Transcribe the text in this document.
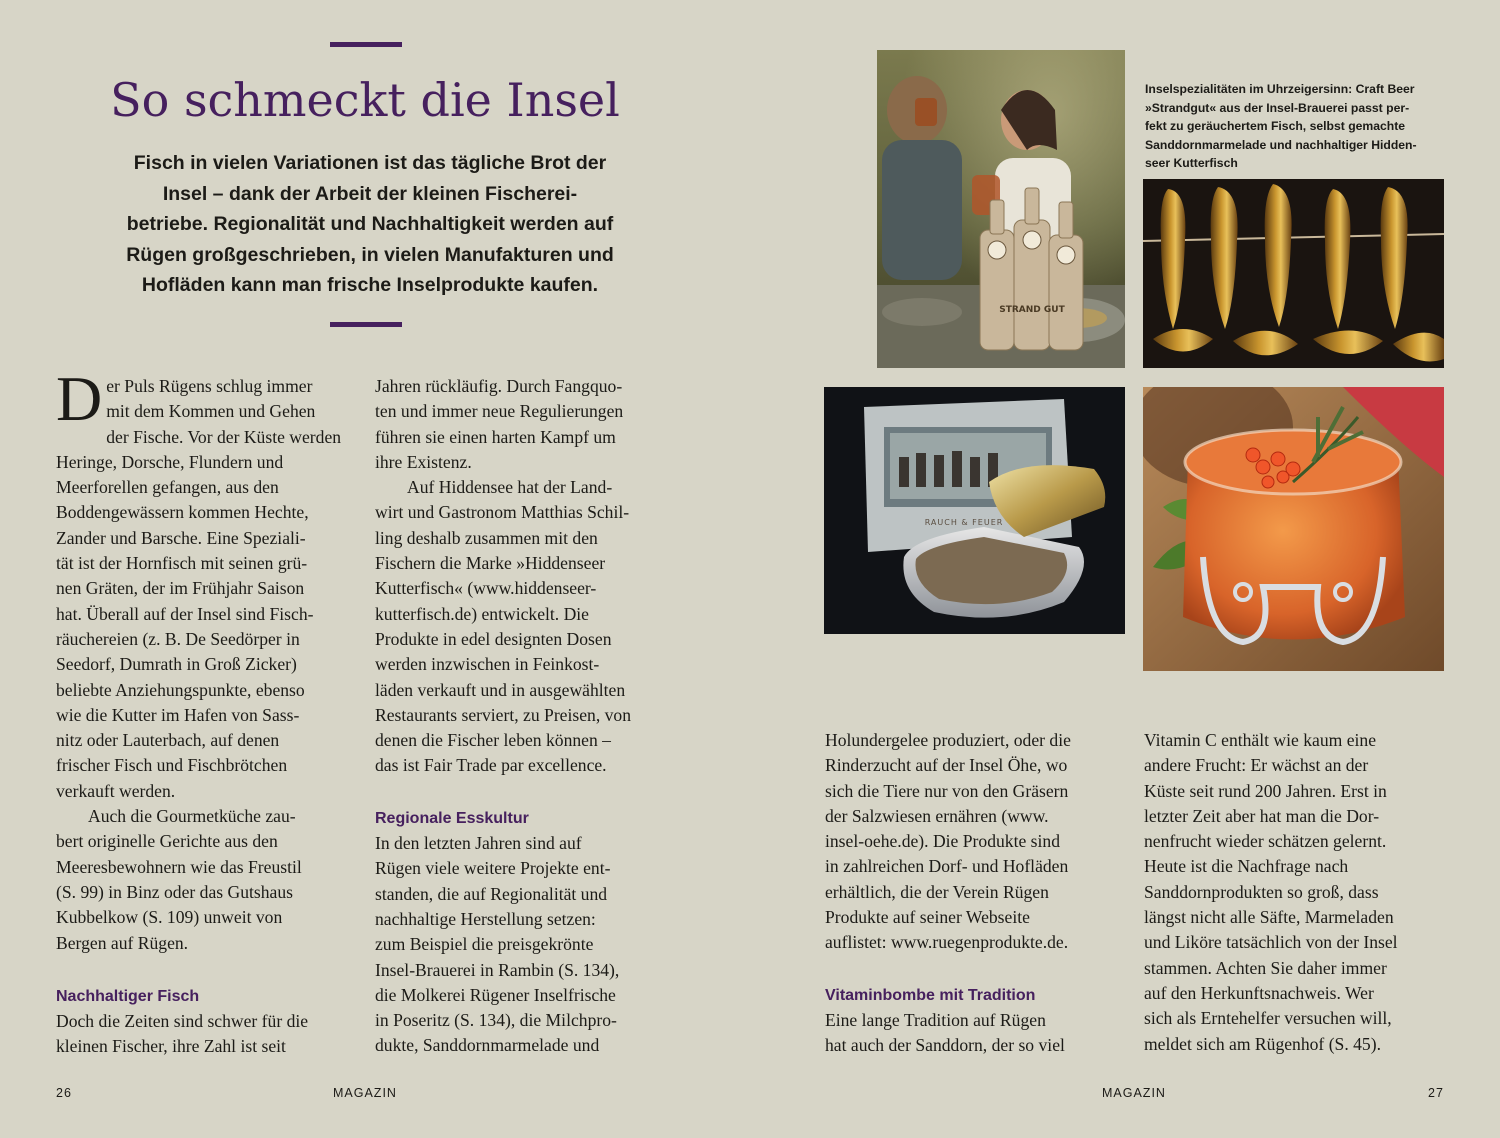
So schmeckt die Insel
Fisch in vielen Variationen ist das tägliche Brot der
Insel – dank der Arbeit der kleinen Fischerei-
betriebe. Regionalität und Nachhaltigkeit werden auf
Rügen großgeschrieben, in vielen Manufakturen und
Hofläden kann man frische Inselprodukte kaufen.
D er Puls Rügens schlug immer
mit dem Kommen und Gehen

der Fische. Vor der Küste werden

Heringe, Dorsche, Flundern und

Meerforellen gefangen, aus den

Boddengewässern kommen Hechte,

Zander und Barsche. Eine Speziali-

tät ist der Hornfisch mit seinen grü-

nen Gräten, der im Frühjahr Saison

hat. Überall auf der Insel sind Fisch-

räuchereien (z. B. De Seedörper in

Seedorf, Dumrath in Groß Zicker)

beliebte Anziehungspunkte, ebenso

wie die Kutter im Hafen von Sass-

nitz oder Lauterbach, auf denen

frischer Fisch und Fischbrötchen

verkauft werden.

Auch die Gourmetküche zau-

bert originelle Gerichte aus den

Meeresbewohnern wie das Freustil

(S. 99) in Binz oder das Gutshaus

Kubbelkow (S. 109) unweit von

Bergen auf Rügen.

Nachhaltiger Fisch

Doch die Zeiten sind schwer für die

kleinen Fischer, ihre Zahl ist seit

Jahren rückläufig. Durch Fangquo-

ten und immer neue Regulierungen

führen sie einen harten Kampf um

ihre Existenz.

Auf Hiddensee hat der Land-

wirt und Gastronom Matthias Schil-

ling deshalb zusammen mit den

Fischern die Marke »Hiddenseer

Kutterfisch« (www.hiddenseer-

kutterfisch.de) entwickelt. Die

Produkte in edel designten Dosen

werden inzwischen in Feinkost-

läden verkauft und in ausgewählten

Restaurants serviert, zu Preisen, von

denen die Fischer leben können –

das ist Fair Trade par excellence.

Regionale Esskultur

In den letzten Jahren sind auf

Rügen viele weitere Projekte ent-

standen, die auf Regionalität und

nachhaltige Herstellung setzen:

zum Beispiel die preisgekrönte

Insel-Brauerei in Rambin (S. 134),

die Molkerei Rügener Inselfrische

in Poseritz (S. 134), die Milchpro-

dukte, Sanddornmarmelade und

Holundergelee produziert, oder die

Rinderzucht auf der Insel Öhe, wo

sich die Tiere nur von den Gräsern

der Salzwiesen ernähren (www.

insel-oehe.de). Die Produkte sind

in zahlreichen Dorf- und Hofläden

erhältlich, die der Verein Rügen

Produkte auf seiner Webseite

auflistet: www.ruegenprodukte.de.

Vitaminbombe mit Tradition

Eine lange Tradition auf Rügen

hat auch der Sanddorn, der so viel

Vitamin C enthält wie kaum eine

andere Frucht: Er wächst an der

Küste seit rund 200 Jahren. Erst in

letzter Zeit aber hat man die Dor-

nenfrucht wieder schätzen gelernt.

Heute ist die Nachfrage nach

Sanddornprodukten so groß, dass

längst nicht alle Säfte, Marmeladen

und Liköre tatsächlich von der Insel

stammen. Achten Sie daher immer

auf den Herkunftsnachweis. Wer

sich als Erntehelfer versuchen will,

meldet sich am Rügenhof (S. 45).

Inselspezialitäten im Uhrzeigersinn: Craft Beer
»Strandgut« aus der Insel-Brauerei passt per-
fekt zu geräuchertem Fisch, selbst gemachte
Sanddornmarmelade und nachhaltiger Hidden-
seer Kutterfisch
STRAND GUT
RAUCH & FEUER
26	MAGAZIN	MAGAZIN	27
